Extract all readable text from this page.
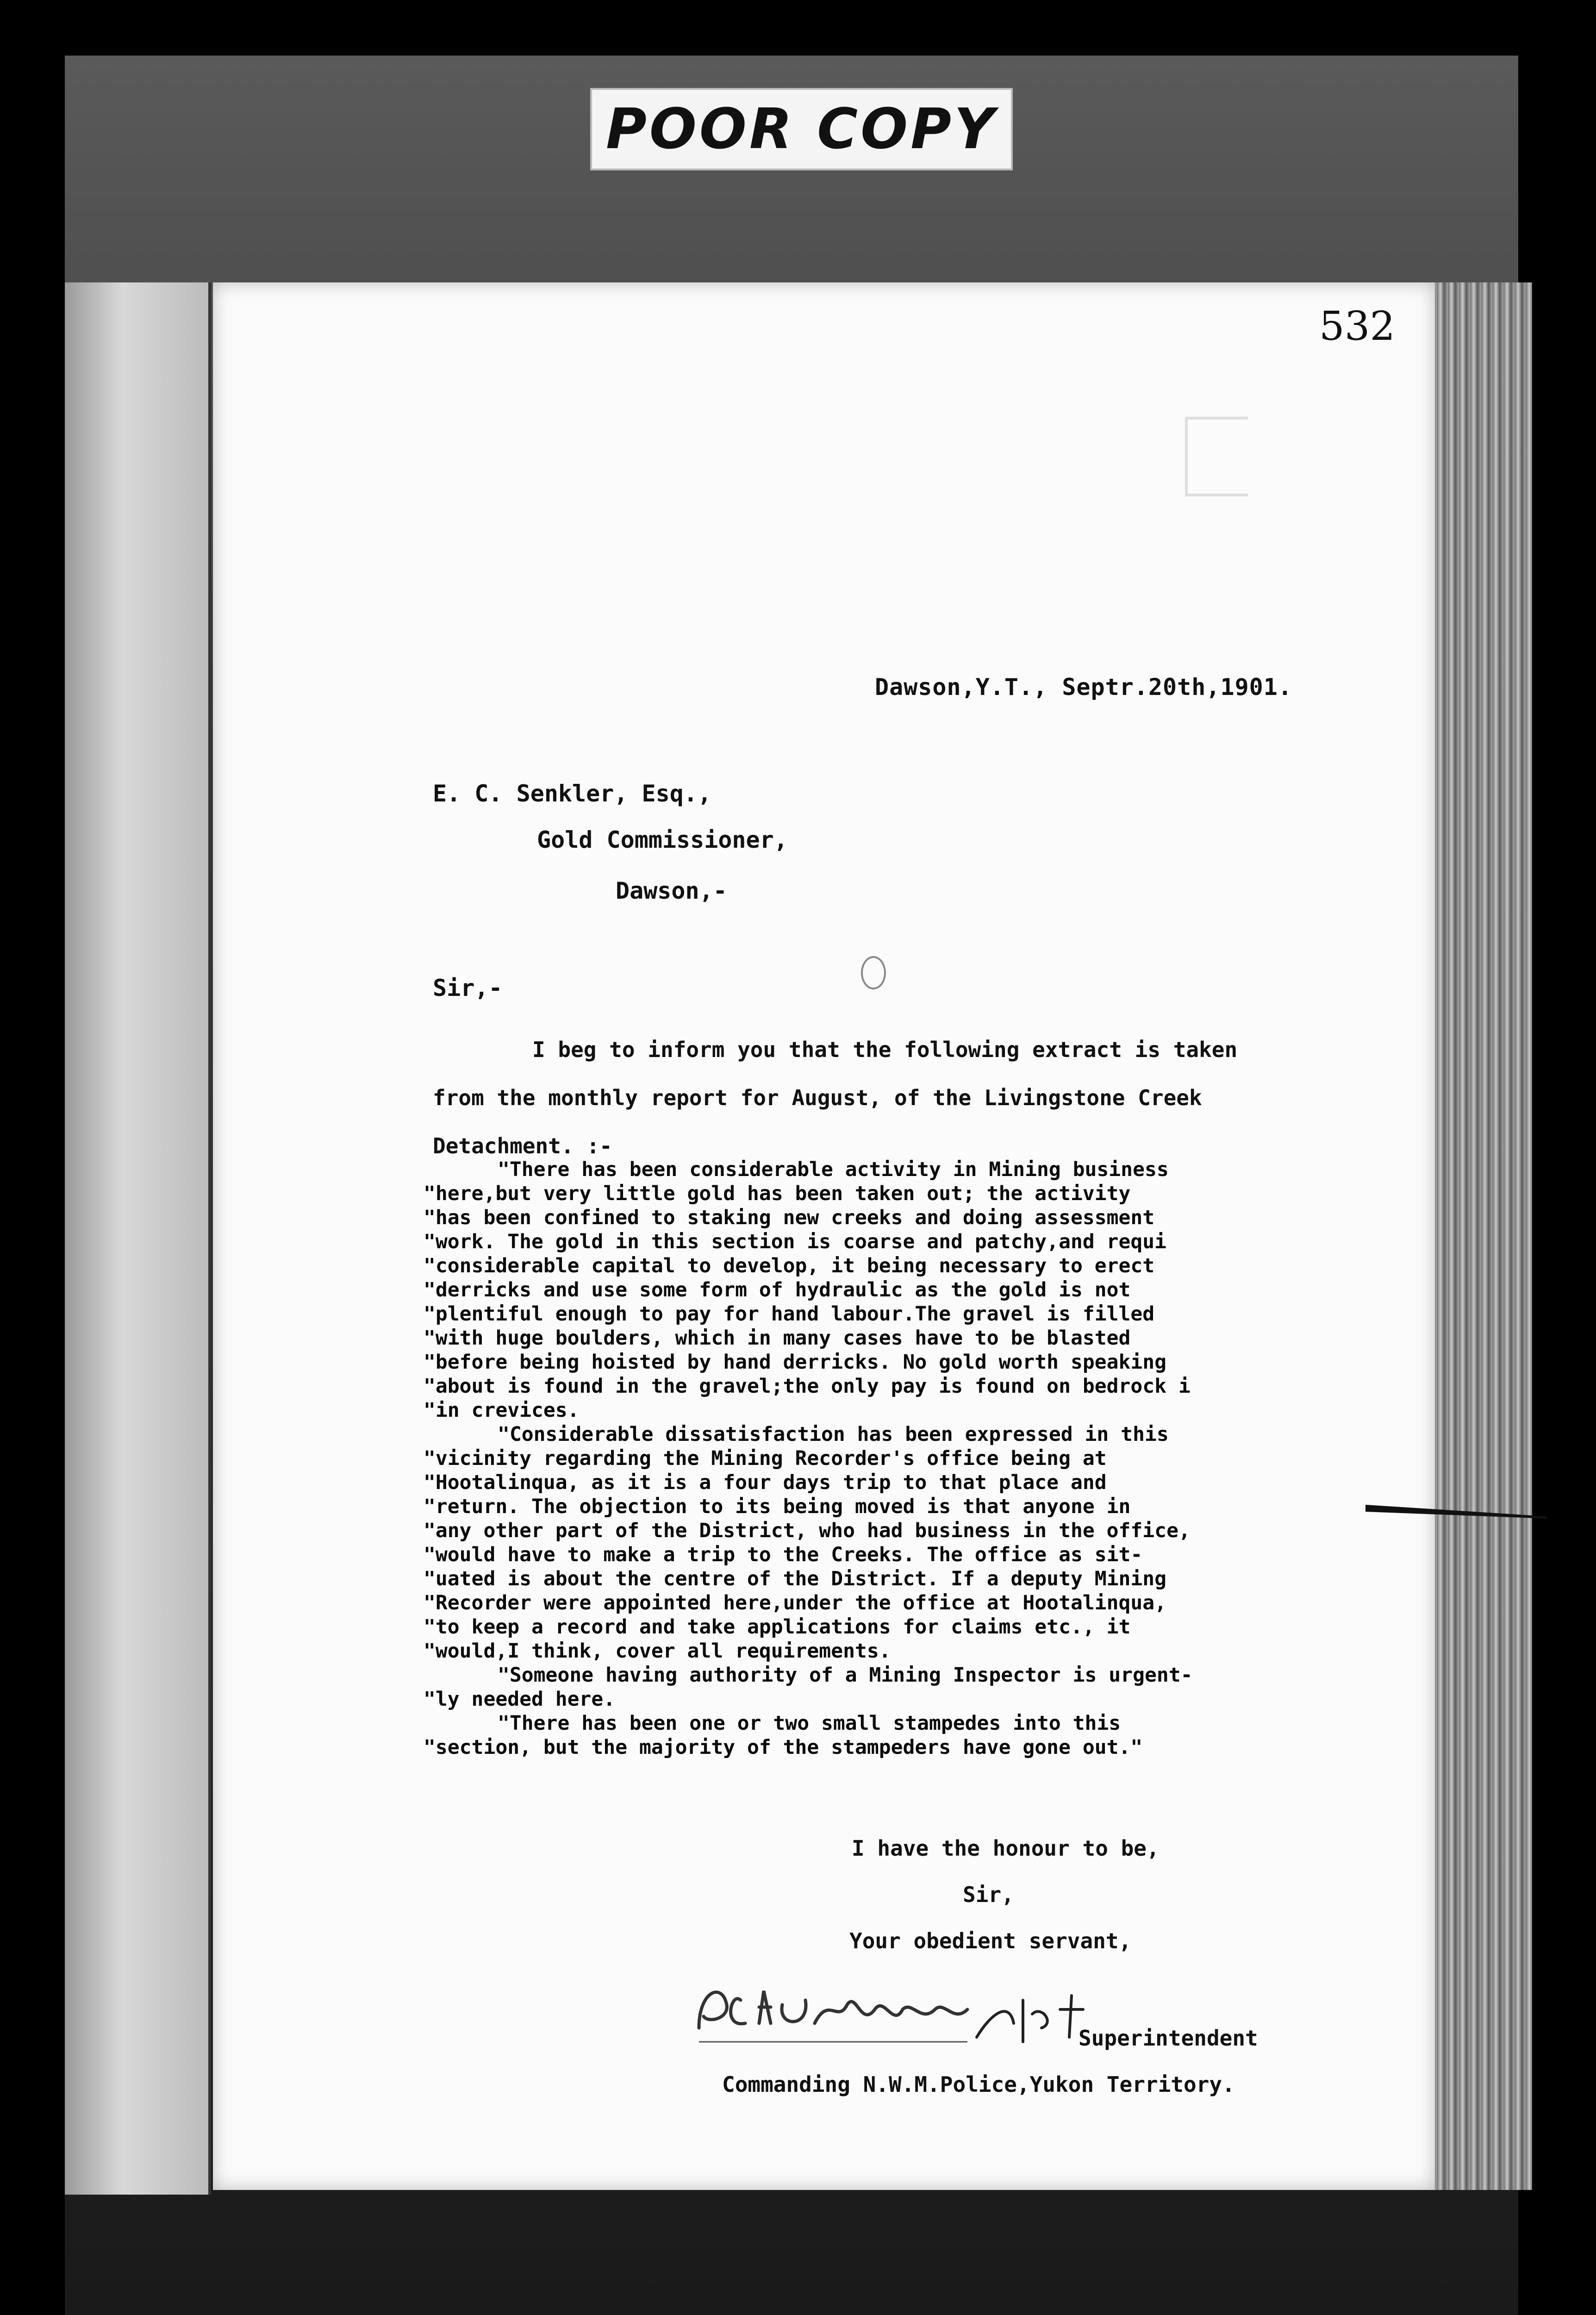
POOR COPY
532
Dawson,Y.T., Septr.20th,1901.
E. C. Senkler, Esq.,
Gold Commissioner,
Dawson,-
Sir,-

I beg to inform you that the following extract is taken

from the monthly report for August, of the Livingstone Creek

Detachment. :-

"There has been considerable activity in Mining business

"here,but very little gold has been taken out; the activity

"has been confined to staking new creeks and doing assessment

"work. The gold in this section is coarse and patchy,and requi

"considerable capital to develop, it being necessary to erect

"derricks and use some form of hydraulic as the gold is not

"plentiful enough to pay for hand labour.The gravel is filled

"with huge boulders, which in many cases have to be blasted

"before being hoisted by hand derricks. No gold worth speaking

"about is found in the gravel;the only pay is found on bedrock i

"in crevices.

"Considerable dissatisfaction has been expressed in this

"vicinity regarding the Mining Recorder's office being at

"Hootalinqua, as it is a four days trip to that place and

"return. The objection to its being moved is that anyone in

"any other part of the District, who had business in the office,

"would have to make a trip to the Creeks. The office as sit-

"uated is about the centre of the District. If a deputy Mining

"Recorder were appointed here,under the office at Hootalinqua,

"to keep a record and take applications for claims etc., it

"would,I think, cover all requirements.

"Someone having authority of a Mining Inspector is urgent-

"ly needed here.

"There has been one or two small stampedes into this

"section, but the majority of the stampeders have gone out."

I have the honour to be,
Sir,
Your obedient servant,
Superintendent
Commanding N.W.M.Police,Yukon Territory.
